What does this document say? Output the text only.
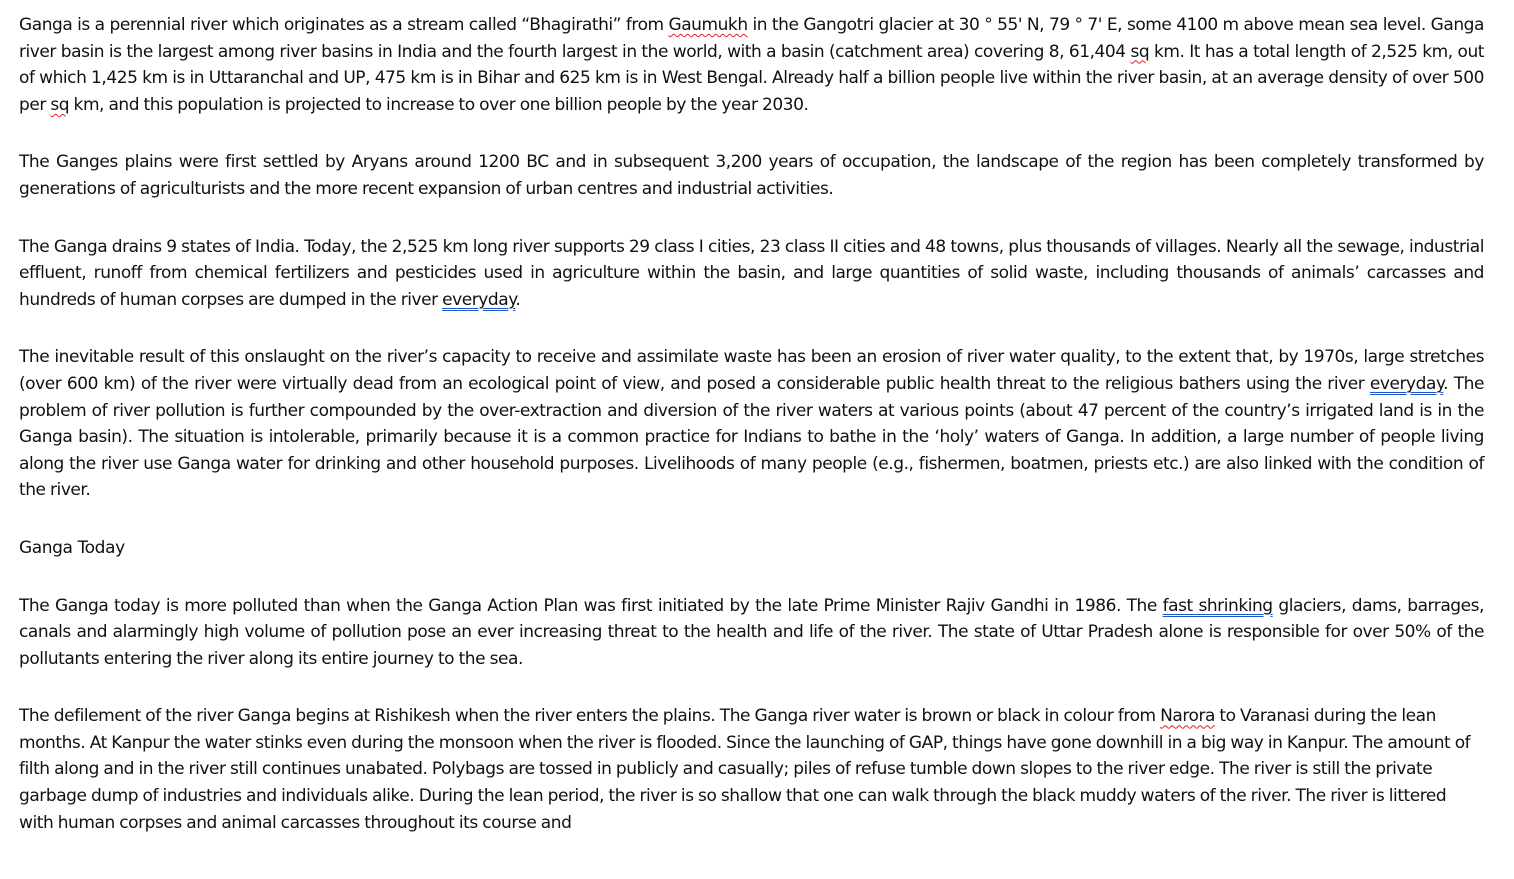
Ganga is a perennial river which originates as a stream called “Bhagirathi” from Gaumukh in the Gangotri glacier at 30 ° 55' N, 79 ° 7' E, some 4100 m above mean sea level. Ganga river basin is the largest among river basins in India and the fourth largest in the world, with a basin (catchment area) covering 8, 61,404 sq km. It has a total length of 2,525 km, out of which 1,425 km is in Uttaranchal and UP, 475 km is in Bihar and 625 km is in West Bengal. Already half a billion people live within the river basin, at an average density of over 500 per sq km, and this population is projected to increase to over one billion people by the year 2030.

The Ganges plains were first settled by Aryans around 1200 BC and in subsequent 3,200 years of occupation, the landscape of the region has been completely transformed by generations of agriculturists and the more recent expansion of urban centres and industrial activities.

The Ganga drains 9 states of India. Today, the 2,525 km long river supports 29 class I cities, 23 class II cities and 48 towns, plus thousands of villages. Nearly all the sewage, industrial effluent, runoff from chemical fertilizers and pesticides used in agriculture within the basin, and large quantities of solid waste, including thousands of animals’ carcasses and hundreds of human corpses are dumped in the river everyday.

The inevitable result of this onslaught on the river’s capacity to receive and assimilate waste has been an erosion of river water quality, to the extent that, by 1970s, large stretches (over 600 km) of the river were virtually dead from an ecological point of view, and posed a considerable public health threat to the religious bathers using the river everyday. The problem of river pollution is further compounded by the over-extraction and diversion of the river waters at various points (about 47 percent of the country’s irrigated land is in the Ganga basin). The situation is intolerable, primarily because it is a common practice for Indians to bathe in the ‘holy’ waters of Ganga. In addition, a large number of people living along the river use Ganga water for drinking and other household purposes. Livelihoods of many people (e.g., fishermen, boatmen, priests etc.) are also linked with the condition of the river.

Ganga Today

The Ganga today is more polluted than when the Ganga Action Plan was first initiated by the late Prime Minister Rajiv Gandhi in 1986. The fast shrinking glaciers, dams, barrages, canals and alarmingly high volume of pollution pose an ever increasing threat to the health and life of the river. The state of Uttar Pradesh alone is responsible for over 50% of the pollutants entering the river along its entire journey to the sea.

The defilement of the river Ganga begins at Rishikesh when the river enters the plains. The Ganga river water is brown or black in colour from Narora to Varanasi during the lean months. At Kanpur the water stinks even during the monsoon when the river is flooded. Since the launching of GAP, things have gone downhill in a big way in Kanpur. The amount of filth along and in the river still continues unabated. Polybags are tossed in publicly and casually; piles of refuse tumble down slopes to the river edge. The river is still the private garbage dump of industries and individuals alike. During the lean period, the river is so shallow that one can walk through the black muddy waters of the river. The river is littered with human corpses and animal carcasses throughout its course and
